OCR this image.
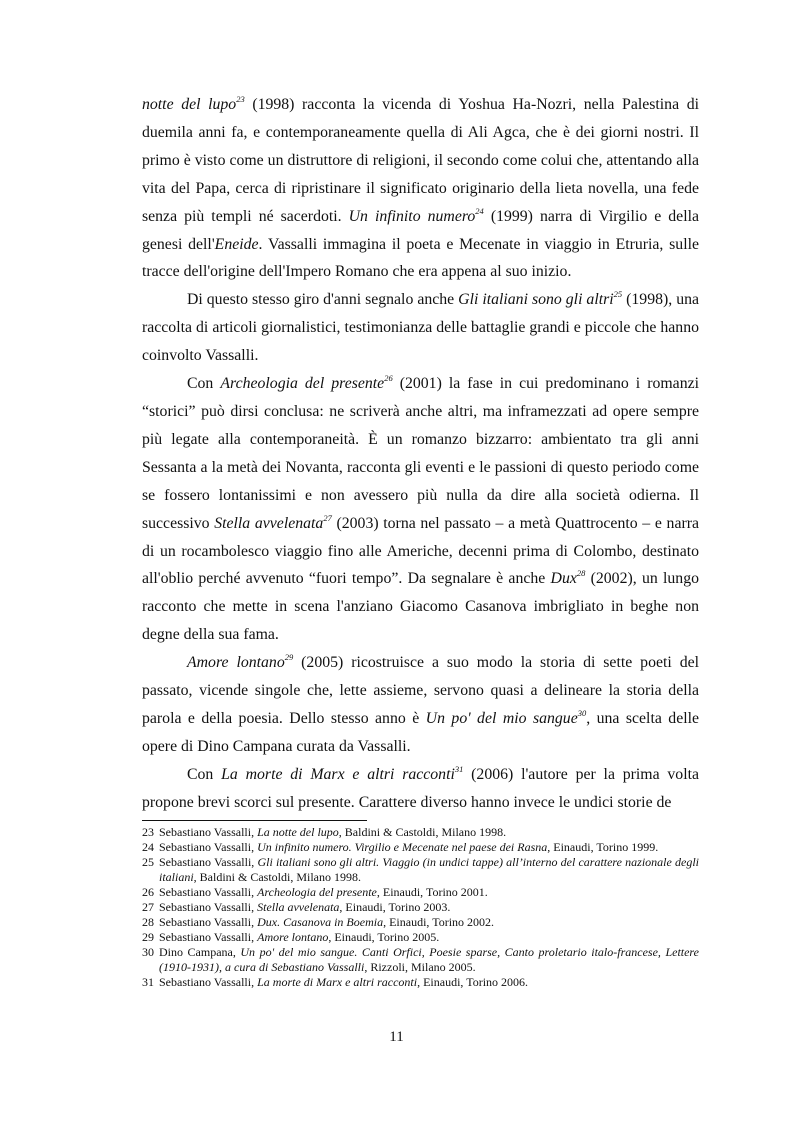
notte del lupo$^{23}$ (1998) racconta la vicenda di Yoshua Ha-Nozri, nella Palestina di duemila anni fa, e contemporaneamente quella di Ali Agca, che è dei giorni nostri. Il primo è visto come un distruttore di religioni, il secondo come colui che, attentando alla vita del Papa, cerca di ripristinare il significato originario della lieta novella, una fede senza più templi né sacerdoti. Un infinito numero$^{24}$ (1999) narra di Virgilio e della genesi dell'Eneide. Vassalli immagina il poeta e Mecenate in viaggio in Etruria, sulle tracce dell'origine dell'Impero Romano che era appena al suo inizio.

Di questo stesso giro d'anni segnalo anche Gli italiani sono gli altri$^{25}$ (1998), una raccolta di articoli giornalistici, testimonianza delle battaglie grandi e piccole che hanno coinvolto Vassalli.

Con Archeologia del presente$^{26}$ (2001) la fase in cui predominano i romanzi “storici” può dirsi conclusa: ne scriverà anche altri, ma inframezzati ad opere sempre più legate alla contemporaneità. È un romanzo bizzarro: ambientato tra gli anni Sessanta a la metà dei Novanta, racconta gli eventi e le passioni di questo periodo come se fossero lontanissimi e non avessero più nulla da dire alla società odierna. Il successivo Stella avvelenata$^{27}$ (2003) torna nel passato – a metà Quattrocento – e narra di un rocambolesco viaggio fino alle Americhe, decenni prima di Colombo, destinato all'oblio perché avvenuto “fuori tempo”. Da segnalare è anche Dux$^{28}$ (2002), un lungo racconto che mette in scena l'anziano Giacomo Casanova imbrigliato in beghe non degne della sua fama.

Amore lontano$^{29}$ (2005) ricostruisce a suo modo la storia di sette poeti del passato, vicende singole che, lette assieme, servono quasi a delineare la storia della parola e della poesia. Dello stesso anno è Un po' del mio sangue$^{30}$, una scelta delle opere di Dino Campana curata da Vassalli.

Con La morte di Marx e altri racconti$^{31}$ (2006) l'autore per la prima volta propone brevi scorci sul presente. Carattere diverso hanno invece le undici storie de

23 Sebastiano Vassalli, La notte del lupo, Baldini & Castoldi, Milano 1998.
24 Sebastiano Vassalli, Un infinito numero. Virgilio e Mecenate nel paese dei Rasna, Einaudi, Torino 1999.
25 Sebastiano Vassalli, Gli italiani sono gli altri. Viaggio (in undici tappe) all’interno del carattere nazionale degli italiani, Baldini & Castoldi, Milano 1998.
26 Sebastiano Vassalli, Archeologia del presente, Einaudi, Torino 2001.
27 Sebastiano Vassalli, Stella avvelenata, Einaudi, Torino 2003.
28 Sebastiano Vassalli, Dux. Casanova in Boemia, Einaudi, Torino 2002.
29 Sebastiano Vassalli, Amore lontano, Einaudi, Torino 2005.
30 Dino Campana, Un po' del mio sangue. Canti Orfici, Poesie sparse, Canto proletario italo-francese, Lettere (1910-1931), a cura di Sebastiano Vassalli, Rizzoli, Milano 2005.
31 Sebastiano Vassalli, La morte di Marx e altri racconti, Einaudi, Torino 2006.
11
